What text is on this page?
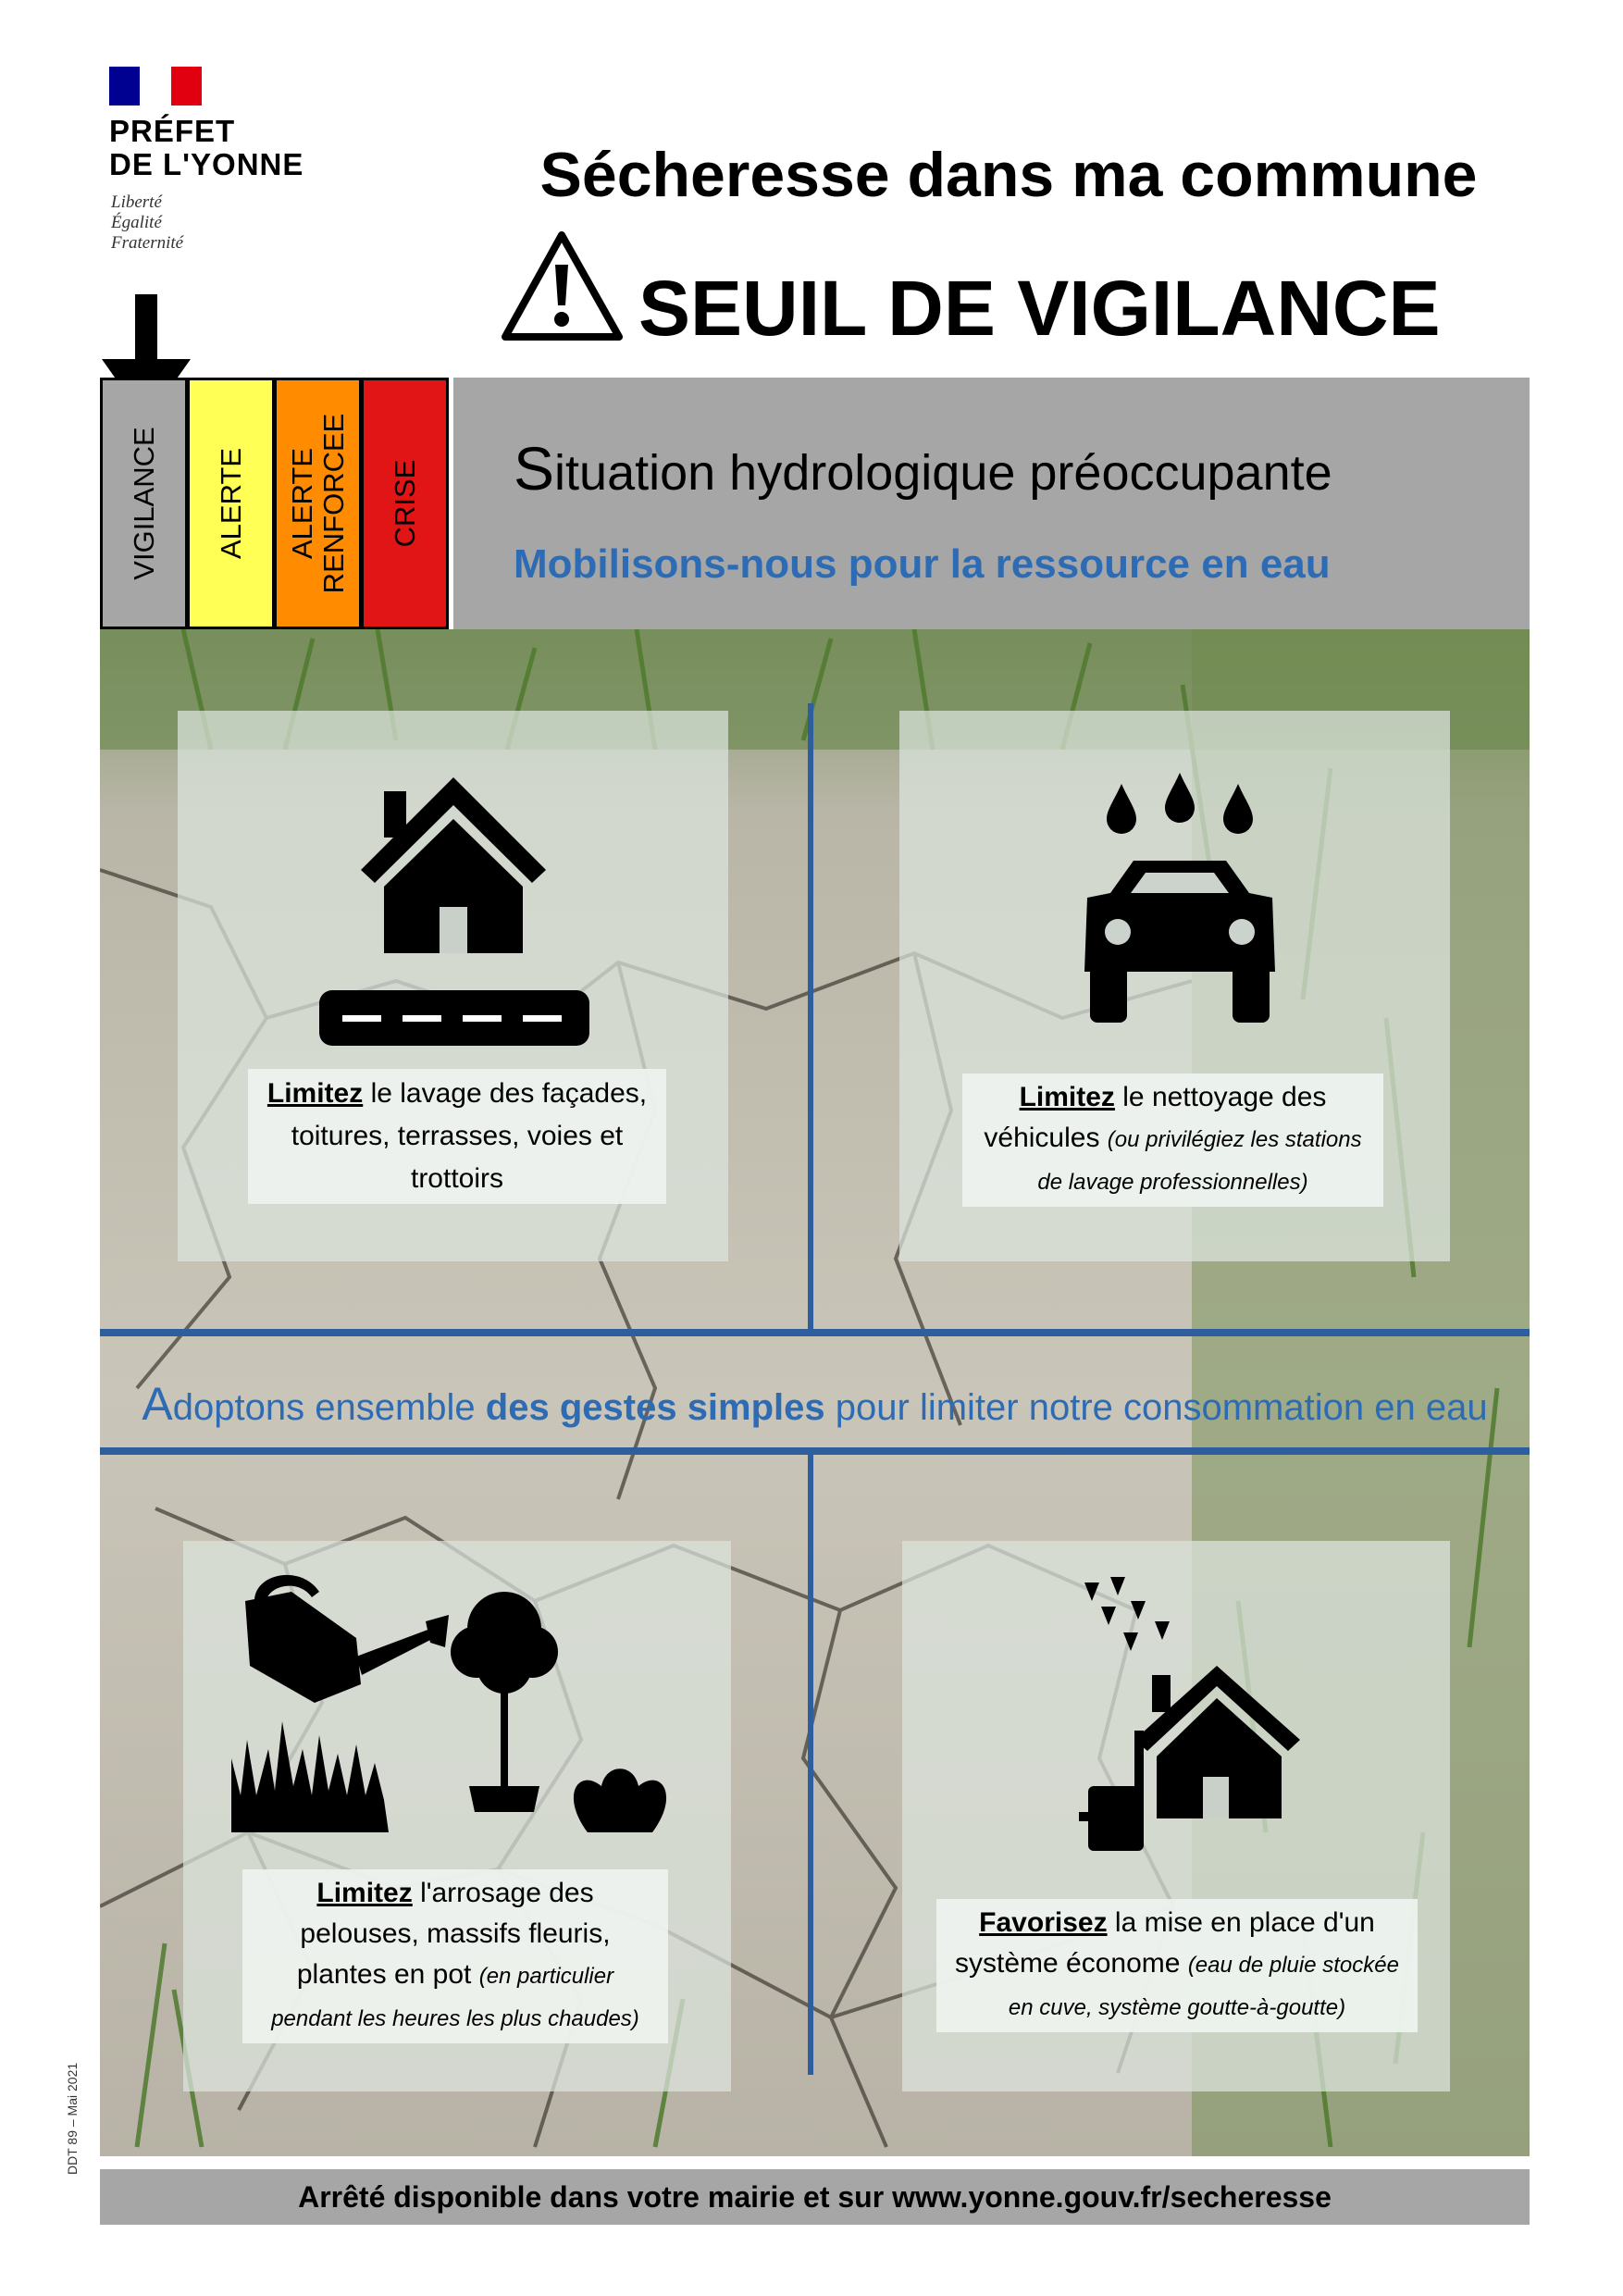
PRÉFET
DE L'YONNE
Liberté
Égalité
Fraternité
Sécheresse dans ma commune
SEUIL DE VIGILANCE
VIGILANCE ALERTE ALERTE
RENFORCEE CRISE Situation hydrologique préoccupante
Mobilisons-nous pour la ressource en eau
Adoptons ensemble des gestes simples pour limiter notre consommation en eau
Limitez le lavage des façades, toitures, terrasses, voies et trottoirs
Limitez le nettoyage des véhicules (ou privilégiez les stations de lavage professionnelles)
Limitez l'arrosage des pelouses, massifs fleuris, plantes en pot (en particulier pendant les heures les plus chaudes)
Favorisez la mise en place d'un système économe (eau de pluie stockée en cuve, système goutte-à-goutte)
Arrêté disponible dans votre mairie et sur www.yonne.gouv.fr/secheresse
DDT 89 – Mai 2021
